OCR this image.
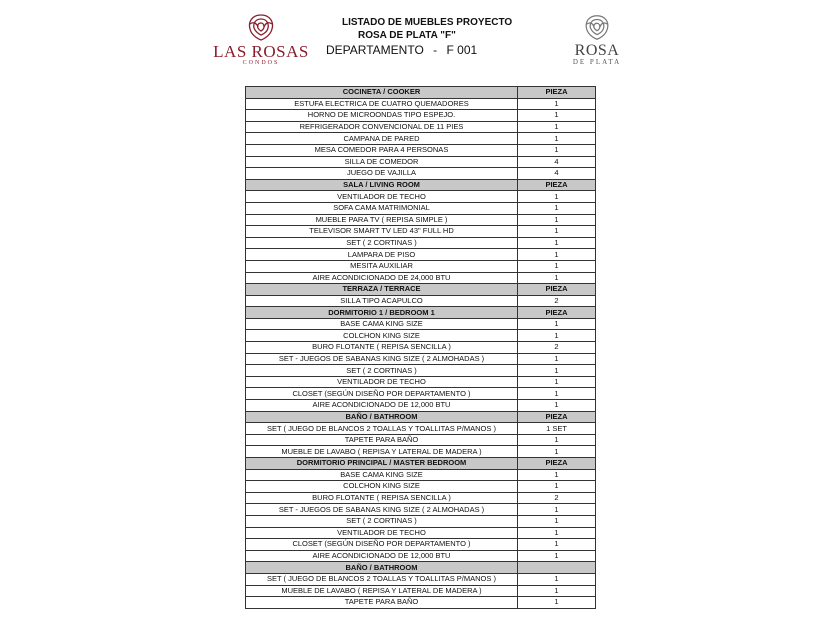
LAS ROSAS
CONDOS
LISTADO DE MUEBLES PROYECTO
ROSA DE PLATA "F"
DEPARTAMENTO - F 001	ROSA
DE PLATA
COCINETA / COOKER	PIEZA
ESTUFA ELECTRICA DE CUATRO QUEMADORES	1
HORNO DE MICROONDAS TIPO ESPEJO.	1
REFRIGERADOR CONVENCIONAL DE 11 PIES	1
CAMPANA DE PARED	1
MESA COMEDOR PARA 4 PERSONAS	1
SILLA DE COMEDOR	4
JUEGO DE VAJILLA	4
SALA / LIVING ROOM	PIEZA
VENTILADOR DE TECHO	1
SOFA CAMA MATRIMONIAL	1
MUEBLE PARA TV ( REPISA SIMPLE )	1
TELEVISOR SMART TV LED 43" FULL HD	1
SET ( 2 CORTINAS )	1
LAMPARA DE PISO	1
MESITA AUXILIAR	1
AIRE ACONDICIONADO DE 24,000 BTU	1
TERRAZA / TERRACE	PIEZA
SILLA TIPO ACAPULCO	2
DORMITORIO 1 / BEDROOM 1	PIEZA
BASE CAMA KING SIZE	1
COLCHON KING SIZE	1
BURO FLOTANTE ( REPISA SENCILLA )	2
SET - JUEGOS DE SABANAS KING SIZE ( 2 ALMOHADAS )	1
SET ( 2 CORTINAS )	1
VENTILADOR DE TECHO	1
CLOSET (SEGÚN DISEÑO POR DEPARTAMENTO )	1
AIRE ACONDICIONADO DE 12,000 BTU	1
BAÑO / BATHROOM	PIEZA
SET ( JUEGO DE BLANCOS 2 TOALLAS Y TOALLITAS P/MANOS )	1 SET
TAPETE PARA BAÑO	1
MUEBLE DE LAVABO ( REPISA Y LATERAL DE MADERA )	1
DORMITORIO PRINCIPAL / MASTER BEDROOM	PIEZA
BASE CAMA KING SIZE	1
COLCHON KING SIZE	1
BURO FLOTANTE ( REPISA SENCILLA )	2
SET - JUEGOS DE SABANAS KING SIZE ( 2 ALMOHADAS )	1
SET ( 2 CORTINAS )	1
VENTILADOR DE TECHO	1
CLOSET (SEGÚN DISEÑO POR DEPARTAMENTO )	1
AIRE ACONDICIONADO DE 12,000 BTU	1
BAÑO / BATHROOM	
SET ( JUEGO DE BLANCOS 2 TOALLAS Y TOALLITAS P/MANOS )	1
MUEBLE DE LAVABO ( REPISA Y LATERAL DE MADERA )	1
TAPETE PARA BAÑO	1
